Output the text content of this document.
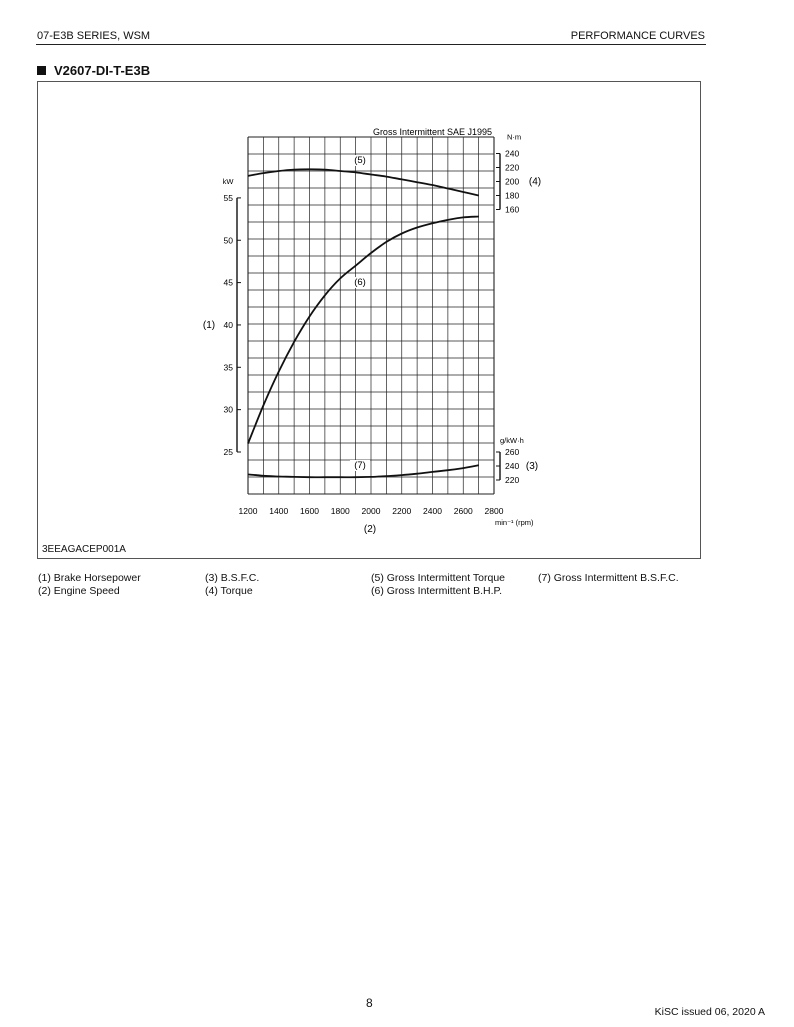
07-E3B SERIES, WSM	PERFORMANCE CURVES
V2607-DI-T-E3B
Gross Intermittent SAE J1995
1200 1400 1600 1800 2000 2200 2400 2600 2800
min⁻¹ (rpm)
(2)
25
30
35
40
45
50
55
kW
(1)
160
180
200
220
240
N·m
(4)
220
240
260
g/kW·h
(3)
(5)
(6)
(7)
3EEAGACEP001A
(1) Brake Horsepower
(2) Engine Speed
(3) B.S.F.C.
(4) Torque
(5) Gross Intermittent Torque
(6) Gross Intermittent B.H.P.
(7) Gross Intermittent B.S.F.C.
8
KiSC issued 06, 2020 A
